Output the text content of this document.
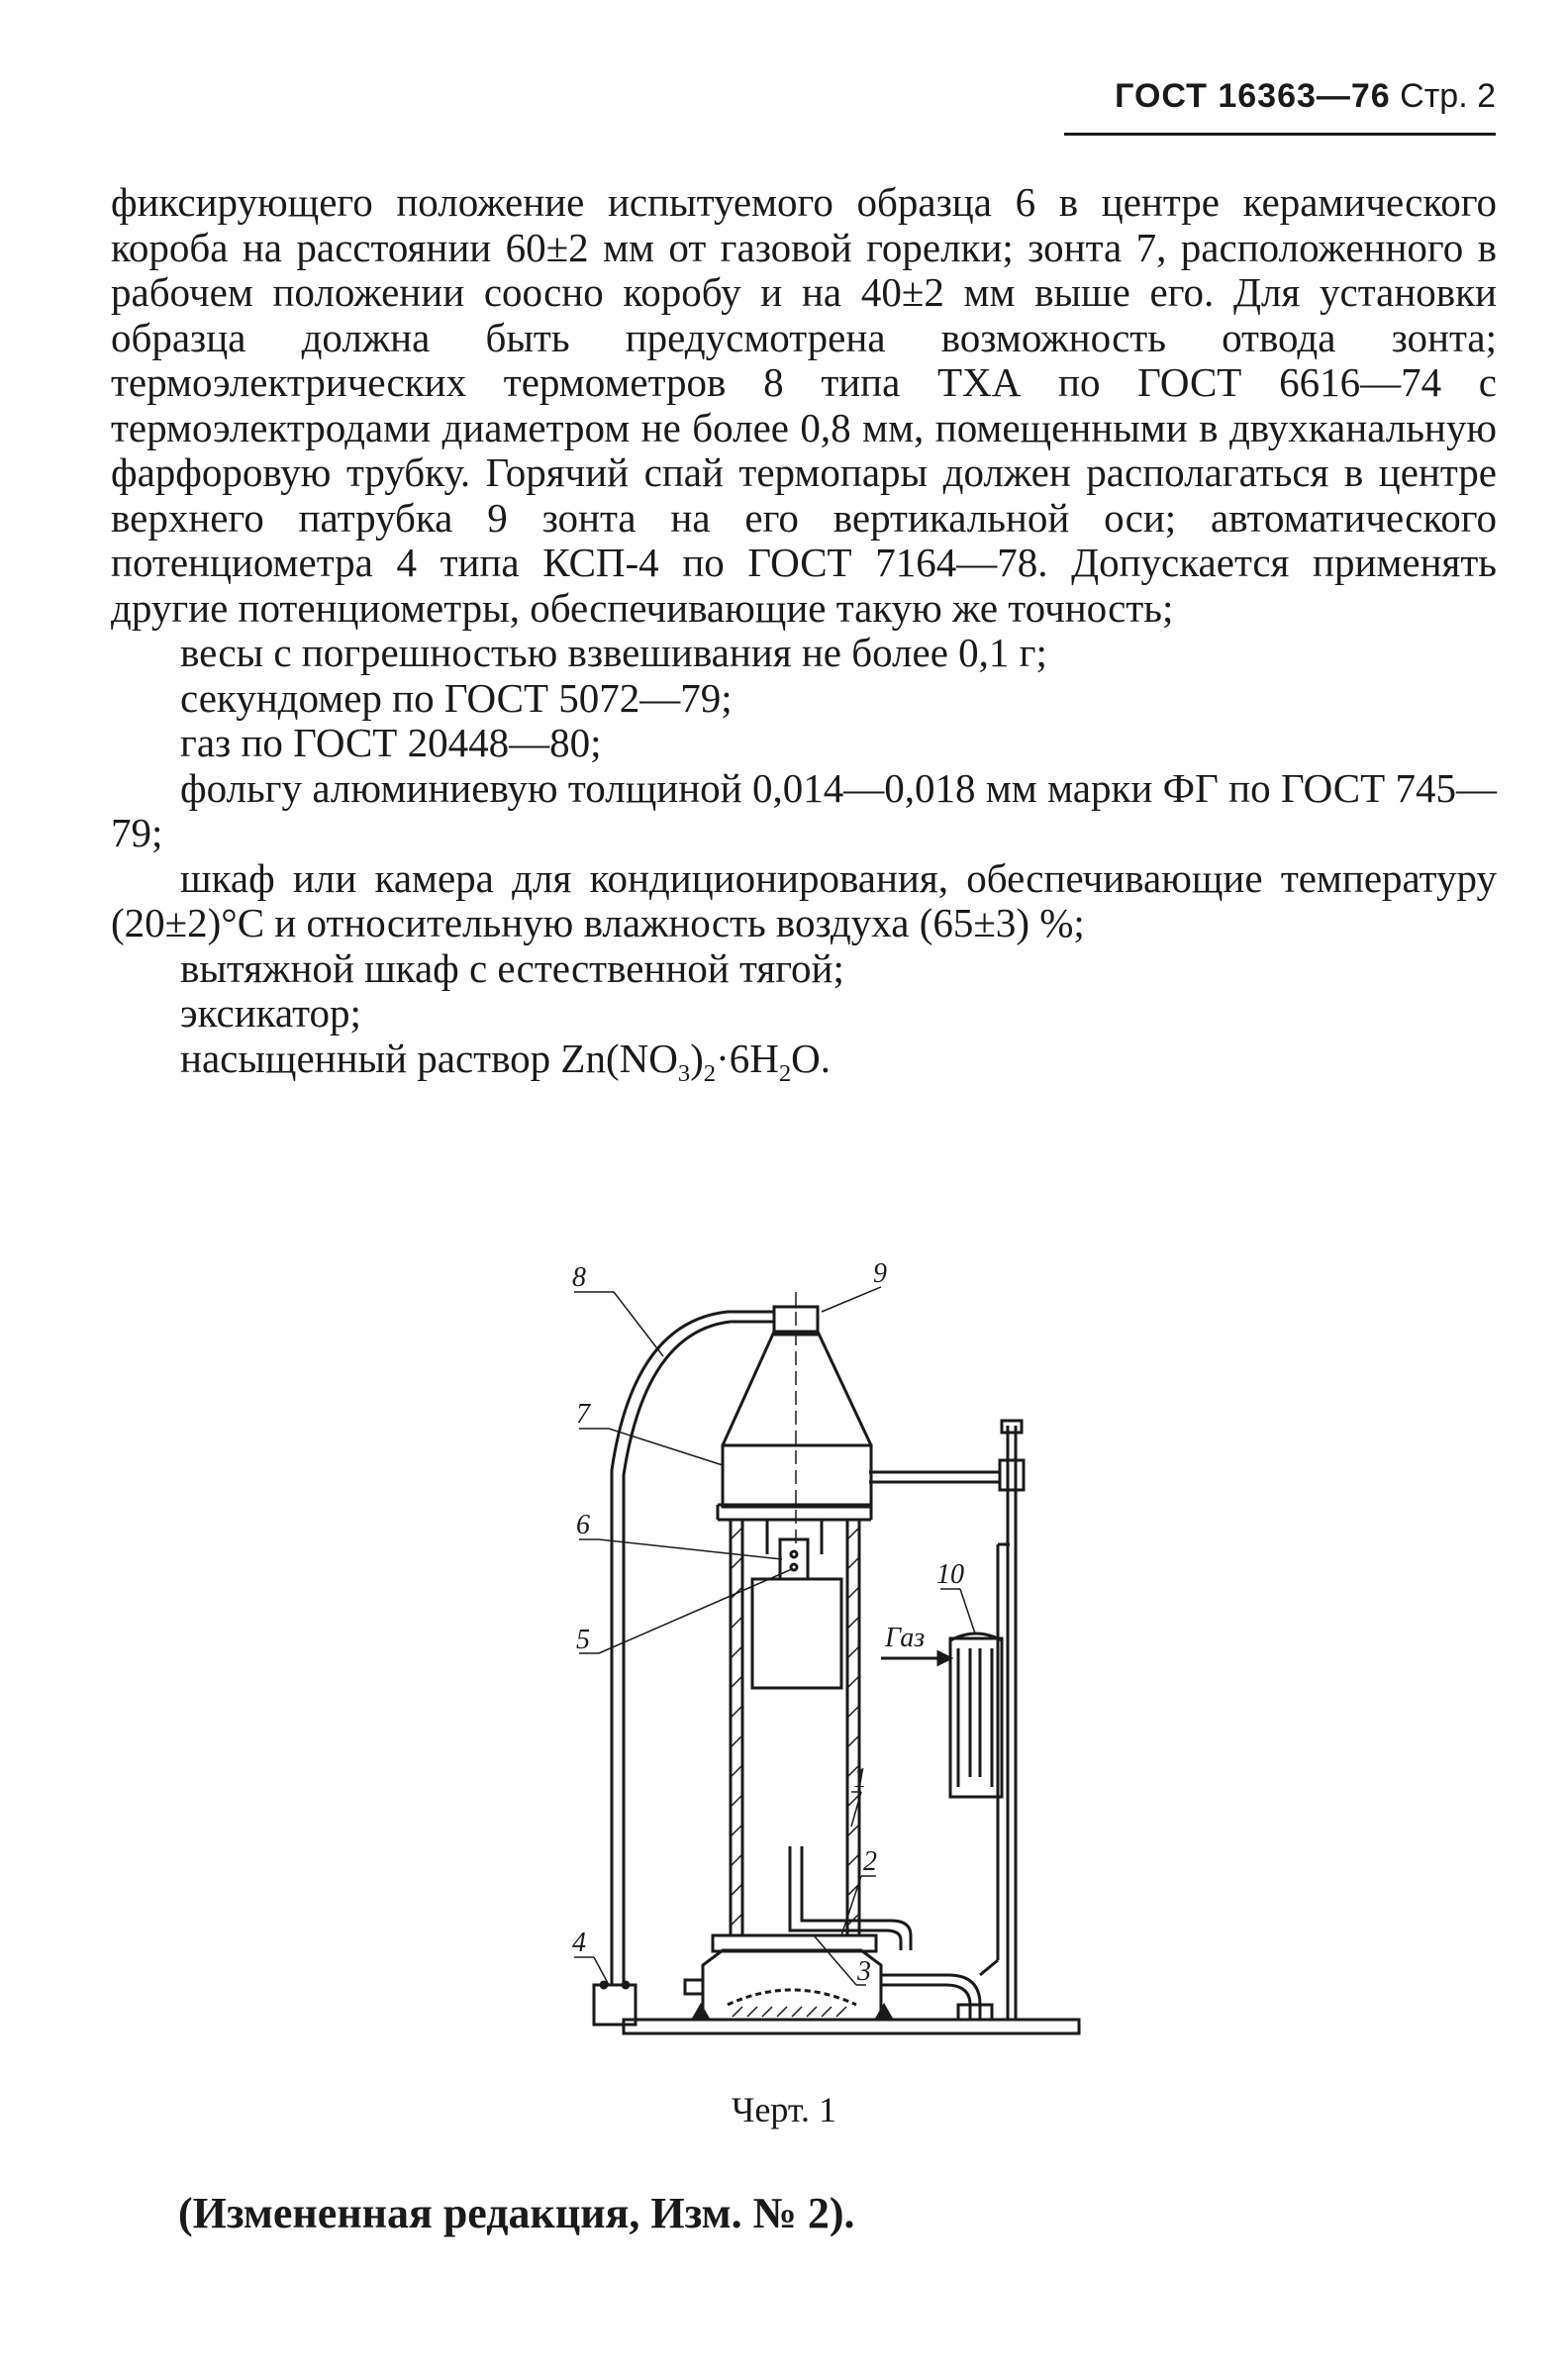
ГОСТ 16363—76 Стр. 2

фиксирующего положение испытуемого образца 6 в центре керамического короба на расстоянии 60±2 мм от газовой горелки; зонта 7, расположенного в рабочем положении соосно коробу и на 40±2 мм выше его. Для установки образца должна быть предусмотрена возможность отвода зонта; термоэлектрических термометров 8 типа ТХА по ГОСТ 6616—74 с термоэлектродами диаметром не более 0,8 мм, помещенными в двухканальную фарфоровую трубку. Горячий спай термопары должен располагаться в центре верхнего патрубка 9 зонта на его вертикальной оси; автоматического потенциометра 4 типа КСП-4 по ГОСТ 7164—78. Допускается применять другие потенциометры, обеспечивающие такую же точность;

весы с погрешностью взвешивания не более 0,1 г;

секундомер по ГОСТ 5072—79;

газ по ГОСТ 20448—80;

фольгу алюминиевую толщиной 0,014—0,018 мм марки ФГ по ГОСТ 745—79;

шкаф или камера для кондиционирования, обеспечивающие температуру (20±2)°С и относительную влажность воздуха (65±3) %;

вытяжной шкаф с естественной тягой;

эксикатор;

насыщенный раствор $Zn(NO_3)_2\cdot 6H_2O$.

8	9
7
6
5
10
Газ
1
2
3
4
Черт. 1
(Измененная редакция, Изм. № 2).
